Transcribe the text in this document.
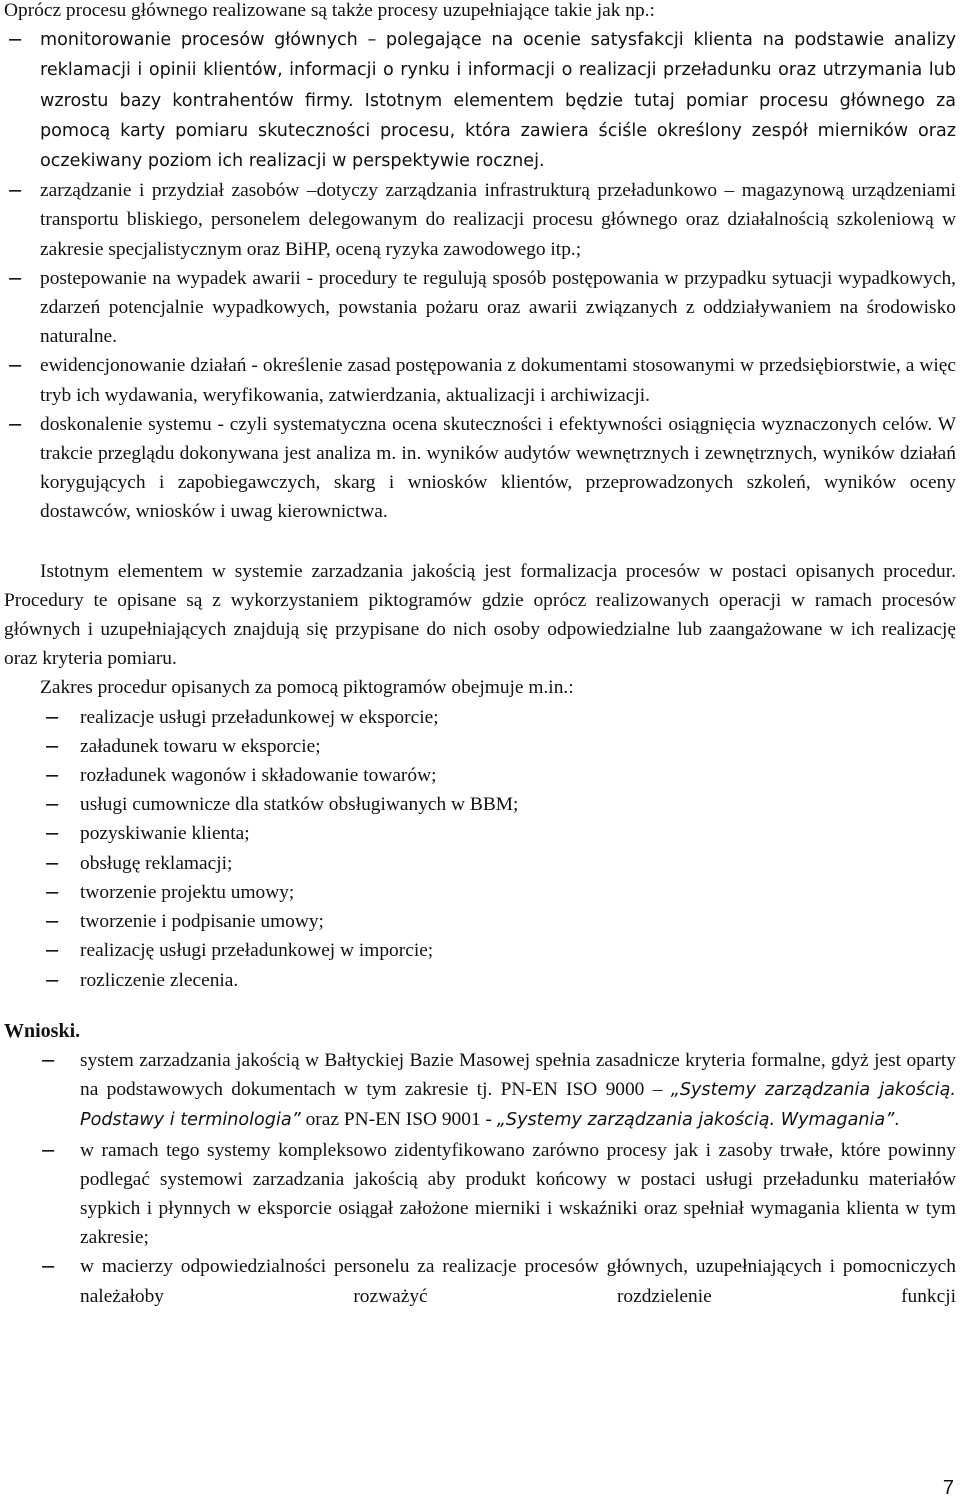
Oprócz procesu głównego realizowane są także procesy uzupełniające takie jak np.:
− monitorowanie procesów głównych – polegające na ocenie satysfakcji klienta na podstawie analizy reklamacji i opinii klientów, informacji o rynku i informacji o realizacji przeładunku oraz utrzymania lub wzrostu bazy kontrahentów firmy. Istotnym elementem będzie tutaj pomiar procesu głównego za pomocą karty pomiaru skuteczności procesu, która zawiera ściśle określony zespół mierników oraz oczekiwany poziom ich realizacji w perspektywie rocznej.
− zarządzanie i przydział zasobów –dotyczy zarządzania infrastrukturą przeładunkowo – magazynową urządzeniami transportu bliskiego, personelem delegowanym do realizacji procesu głównego oraz działalnością szkoleniową w zakresie specjalistycznym oraz BiHP, oceną ryzyka zawodowego itp.;
− postepowanie na wypadek awarii - procedury te regulują sposób postępowania w przypadku sytuacji wypadkowych, zdarzeń potencjalnie wypadkowych, powstania pożaru oraz awarii związanych z oddziaływaniem na środowisko naturalne.
− ewidencjonowanie działań - określenie zasad postępowania z dokumentami stosowanymi w przedsiębiorstwie, a więc tryb ich wydawania, weryfikowania, zatwierdzania, aktualizacji i archiwizacji.
− doskonalenie systemu - czyli systematyczna ocena skuteczności i efektywności osiągnięcia wyznaczonych celów. W trakcie przeglądu dokonywana jest analiza m. in. wyników audytów wewnętrznych i zewnętrznych, wyników działań korygujących i zapobiegawczych, skarg i wniosków klientów, przeprowadzonych szkoleń, wyników oceny dostawców, wniosków i uwag kierownictwa.

Istotnym elementem w systemie zarzadzania jakością jest formalizacja procesów w postaci opisanych procedur. Procedury te opisane są z wykorzystaniem piktogramów gdzie oprócz realizowanych operacji w ramach procesów głównych i uzupełniających znajdują się przypisane do nich osoby odpowiedzialne lub zaangażowane w ich realizację oraz kryteria pomiaru.

Zakres procedur opisanych za pomocą piktogramów obejmuje m.in.:
− realizacje usługi przeładunkowej w eksporcie;
− załadunek towaru w eksporcie;
− rozładunek wagonów i składowanie towarów;
− usługi cumownicze dla statków obsługiwanych w BBM;
− pozyskiwanie klienta;
− obsługę reklamacji;
− tworzenie projektu umowy;
− tworzenie i podpisanie umowy;
− realizację usługi przeładunkowej w imporcie;
− rozliczenie zlecenia.
Wnioski.
− system zarzadzania jakością w Bałtyckiej Bazie Masowej spełnia zasadnicze kryteria formalne, gdyż jest oparty na podstawowych dokumentach w tym zakresie tj. PN-EN ISO 9000 – „Systemy zarządzania jakością. Podstawy i terminologia” oraz PN-EN ISO 9001 - „Systemy zarządzania jakością. Wymagania”.
− w ramach tego systemy kompleksowo zidentyfikowano zarówno procesy jak i zasoby trwałe, które powinny podlegać systemowi zarzadzania jakością aby produkt końcowy w postaci usługi przeładunku materiałów sypkich i płynnych w eksporcie osiągał założone mierniki i wskaźniki oraz spełniał wymagania klienta w tym zakresie;
− w macierzy odpowiedzialności personelu za realizacje procesów głównych, uzupełniających i pomocniczych należałoby rozważyć rozdzielenie funkcji
7
